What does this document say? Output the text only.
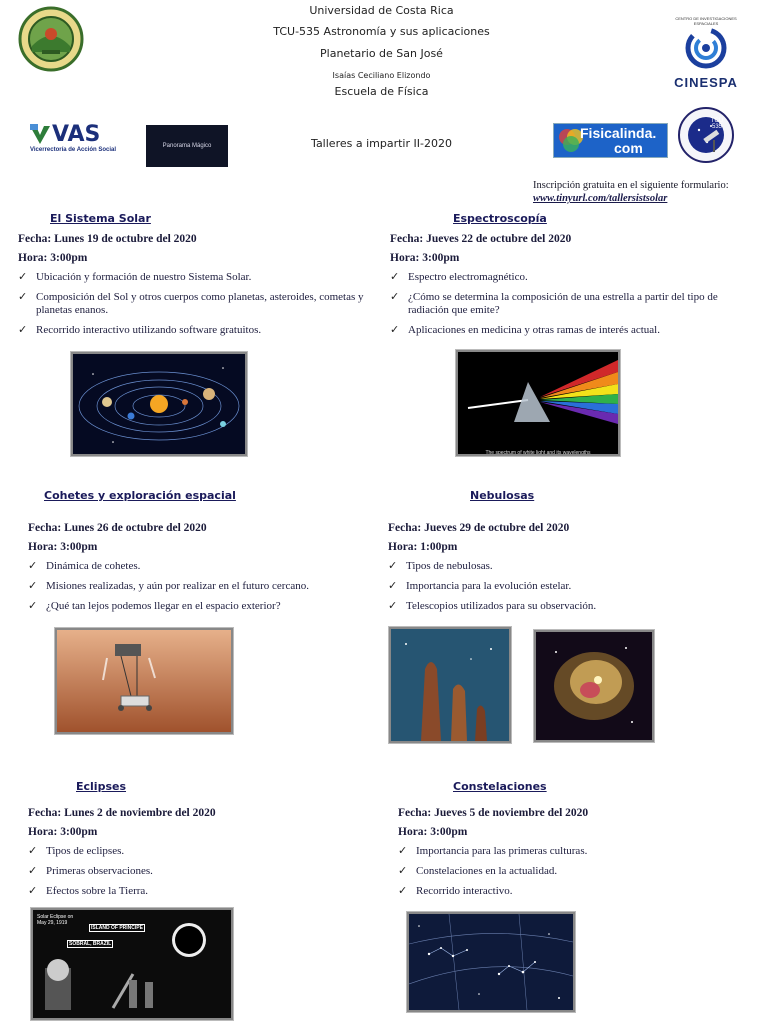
Universidad de Costa Rica
TCU-535 Astronomía y sus aplicaciones
Planetario de San José
Isaías Ceciliano Elizondo
Escuela de Física
Talleres a impartir II-2020
CENTRO DE INVESTIGACIONES ESPACIALES
CINESPA
VAS
Vicerrectoría de Acción Social
Panorama Mágico
Fisicalinda.
com
TCU 535
Inscripción gratuita en el siguiente formulario:
www.tinyurl.com/tallersistsolar
El Sistema Solar
Fecha: Lunes 19 de octubre del 2020
Hora: 3:00pm
✓ Ubicación y formación de nuestro Sistema Solar.
✓ Composición del Sol y otros cuerpos como planetas, asteroides, cometas y planetas enanos.
✓ Recorrido interactivo utilizando software gratuitos.
Espectroscopía
Fecha: Jueves 22 de octubre del 2020
Hora: 3:00pm
✓ Espectro electromagnético.
✓ ¿Cómo se determina la composición de una estrella a partir del tipo de radiación que emite?
✓ Aplicaciones en medicina y otras ramas de interés actual.
The spectrum of white light and its wavelengths
Cohetes y exploración espacial
Fecha: Lunes 26 de octubre del 2020
Hora: 3:00pm
✓ Dinámica de cohetes.
✓ Misiones realizadas, y aún por realizar en el futuro cercano.
✓ ¿Qué tan lejos podemos llegar en el espacio exterior?
Nebulosas
Fecha: Jueves 29 de octubre del 2020
Hora: 1:00pm
✓ Tipos de nebulosas.
✓ Importancia para la evolución estelar.
✓ Telescopios utilizados para su observación.
Eclipses
Fecha: Lunes 2 de noviembre del 2020
Hora: 3:00pm
✓ Tipos de eclipses.
✓ Primeras observaciones.
✓ Efectos sobre la Tierra.
Solar Eclipse on May 29, 1919
ISLAND OF PRINCIPE
SOBRAL, BRAZIL
Constelaciones
Fecha: Jueves 5 de noviembre del 2020
Hora: 3:00pm
✓ Importancia para las primeras culturas.
✓ Constelaciones en la actualidad.
✓ Recorrido interactivo.
